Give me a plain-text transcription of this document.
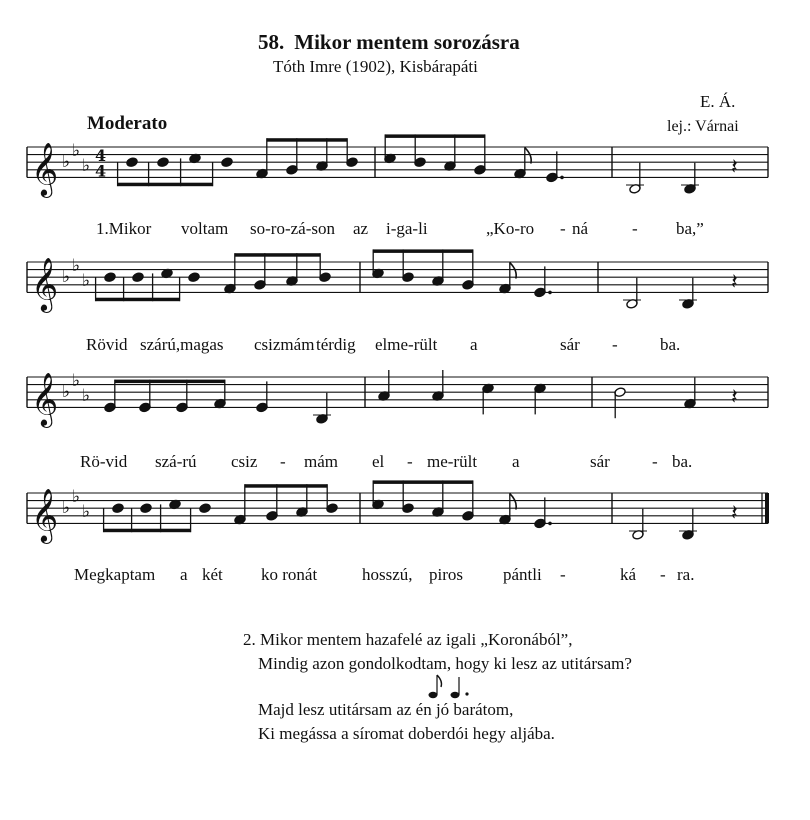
58. Mikor mentem sorozásra
Tóth Imre (1902), Kisbárapáti
E. Á.
lej.: Várnai
Moderato
𝄞 ♭
♭
♭
4
4	𝄽
𝄞 ♭
♭
♭	𝄽
𝄞 ♭
♭
♭	𝄽
𝄞 ♭
♭
♭	𝄽
1.Mikor voltam so-ro-zá-son az i-ga-li	„Ko-ro - ná	- ba,”
Rövid szárú,magas csizmám térdig elme-rült a	sár - ba.
Rö-vid szá-rú csiz - mám el - me-rült a	sár - ba.
Megkaptam a két ko ronát	hosszú, piros pántli -	ká - ra.
2. Mikor mentem hazafelé az igali „Koronából”,
Mindig azon gondolkodtam, hogy ki lesz az utitársam?
Majd lesz utitársam az én jó barátom,
Ki megássa a síromat doberdói hegy aljába.
